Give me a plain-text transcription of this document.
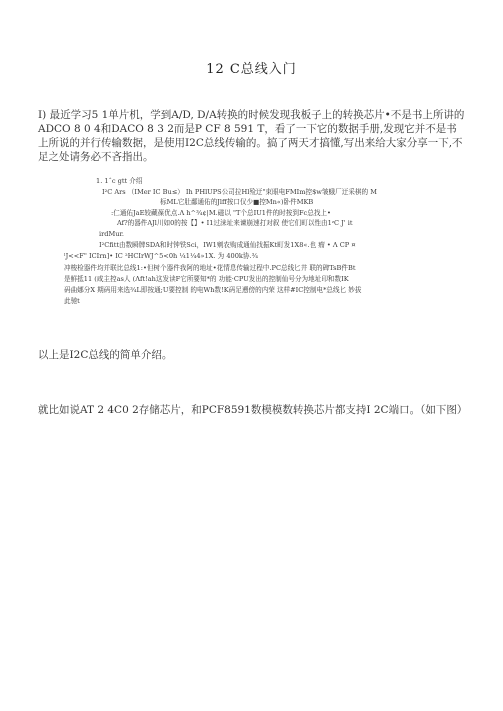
12 C总线入门
I) 最近学习5 1单片机，学到A/D, D/A转换的时候发现我板子上的转换芯片•不是书上所讲的ADCO 8 0 4和DACO 8 3 2而是P CF 8 591 T，看了一下它的数据手册,发现它并不是书上所说的并行传输数据，是使用I2C总线传输的。搞了两天才搞懂,写出来给大家分享一下,不足之处请务必不吝指出。
1. 1ˆc gtt 介绍
I²C Ars （IMer IC Bu≤） Ih PHlUPS公司拉Hl殓迂"束眼电FMIm控$w皱蛾厂迂采棋的 M
标ML它肚鄱通佑的Jlff按口仅少■控Mn«)卧件MKB
:仁通佑JaE较藏葆优点.Λ h^¾¢|M.磁以 "T个总IU1件的时按到Fc总找上•
Af?的器件AJl川如0的按【】• I1过涞址来谏崩速打对叙 使它们町以性由1ᶻC J' it
irdMur.
I²Cfitt由数瞬牌SDA和时钟铁Sci，IW1剜农购成通仙找振Kt町发1X8«.也 瘤 • Λ CP ¤
ˡJ<<F" ICIrn]• IC ²HCIrWJ^5<0h ¼1¼4»1X. 为 400k协.¾
冲梭检器件均并联比总线1:•但树个器件我阿的地址•花情息传输过程中.PC总线匕井 联的碑TsB件Bt
是鮮抵11 (咸主控as人 (Λft!ah这发读F它所要知*的 功能·CPU发出的控制仙号分为地址印和数IK
码曲娜分X 期码用来选¾L即按通;U要控制 的电Wh数!K码足遡傍的内荣 这样#IC控制电*总线匕 妙拔
此驰t
以上是I2C总线的简单介绍。
就比如说AT 2 4C0 2存储芯片，和PCF8591数模模数转换芯片都支持I 2C端口。（如下图）
